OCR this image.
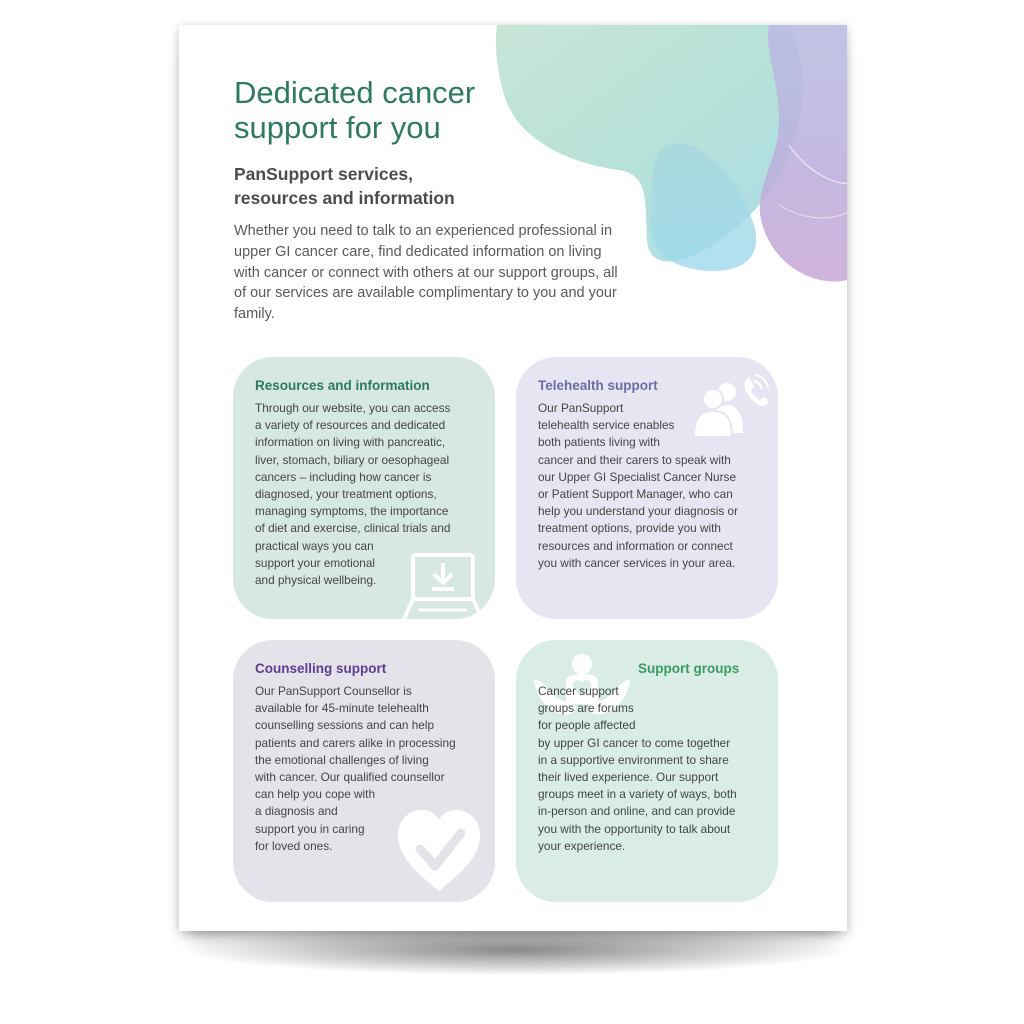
Dedicated cancer
support for you
PanSupport services,
resources and information

Whether you need to talk to an experienced professional in upper GI cancer care, find dedicated information on living with cancer or connect with others at our support groups, all of our services are available complimentary to you and your family.

Resources and information

Through our website, you can access
a variety of resources and dedicated
information on living with pancreatic,
liver, stomach, biliary or oesophageal
cancers – including how cancer is
diagnosed, your treatment options,
managing symptoms, the importance
of diet and exercise, clinical trials and
practical ways you can
support your emotional
and physical wellbeing.

Telehealth support

Our PanSupport
telehealth service enables
both patients living with
cancer and their carers to speak with
our Upper GI Specialist Cancer Nurse
or Patient Support Manager, who can
help you understand your diagnosis or
treatment options, provide you with
resources and information or connect
you with cancer services in your area.

Counselling support

Our PanSupport Counsellor is
available for 45-minute telehealth
counselling sessions and can help
patients and carers alike in processing
the emotional challenges of living
with cancer. Our qualified counsellor
can help you cope with
a diagnosis and
support you in caring
for loved ones.

Support groups

Cancer support
groups are forums
for people affected
by upper GI cancer to come together
in a supportive environment to share
their lived experience. Our support
groups meet in a variety of ways, both
in-person and online, and can provide
you with the opportunity to talk about
your experience.
